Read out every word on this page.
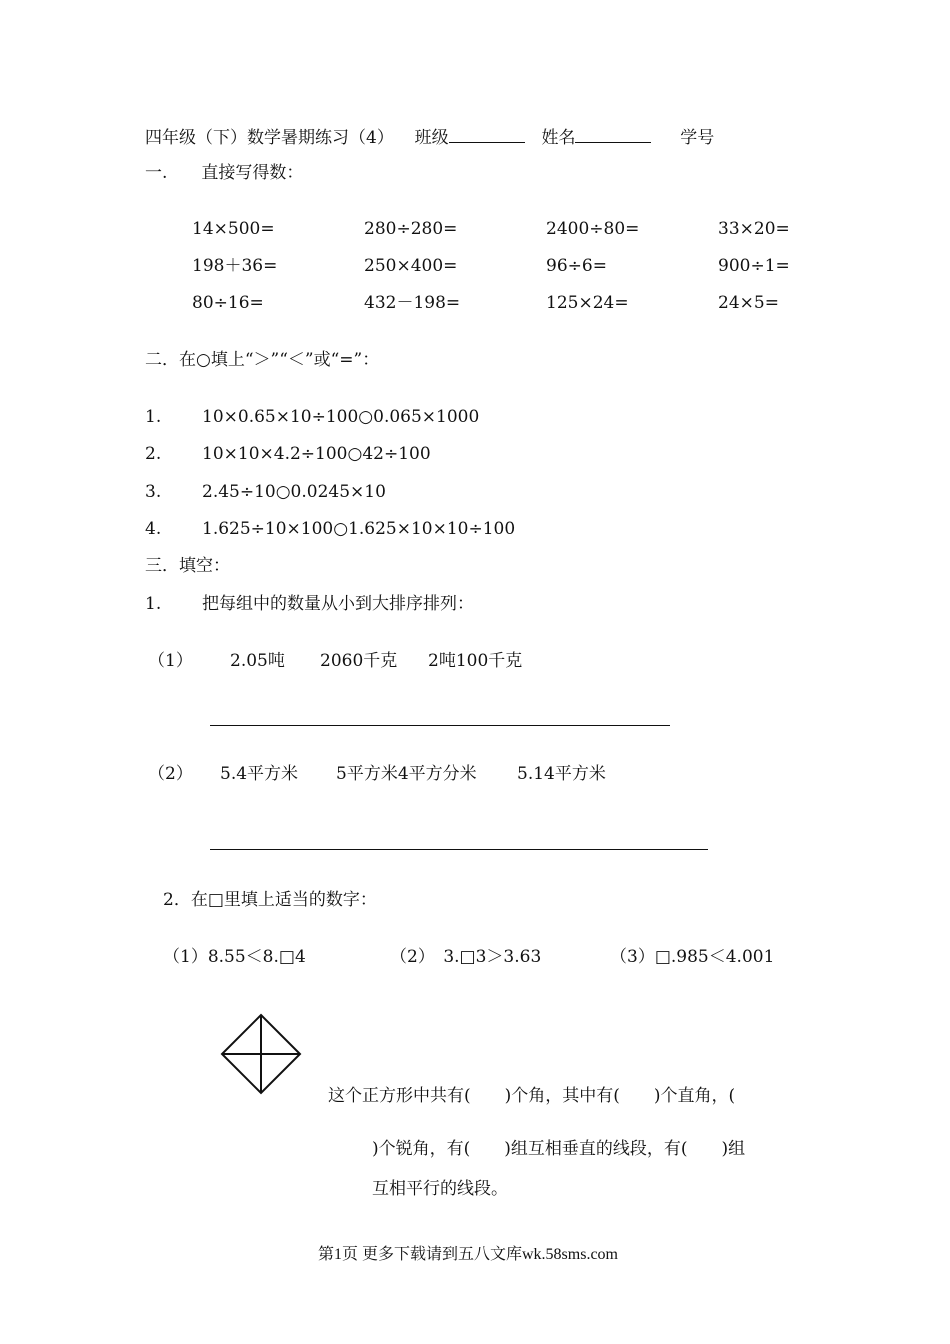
四年级（下）数学暑期练习（4） 班级	姓名	学号
一.　　直接写得数：
14×500=	280÷280=	2400÷80=	33×20=
198＋36=	250×400=	96÷6=	900÷1=
80÷16=	432－198=	125×24=	24×5=
二．在○填上“＞”“＜”或“=”：
1. 10×0.65×10÷100○0.065×1000
2. 10×10×4.2÷100○42÷100
3. 2.45÷10○0.0245×10
4. 1.625÷10×100○1.625×10×10÷100
三．填空：
1. 把每组中的数量从小到大排序排列：
（1） 2.05吨 2060千克 2吨100千克
（2） 5.4平方米 5平方米4平方分米 5.14平方米
2．在□里填上适当的数字：
（1）8.55＜8.□4	（2）　3.□3＞3.63	（3）□.985＜4.001
这个正方形中共有(　　)个角，其中有(　　)个直角，(
)个锐角，有(　　)组互相垂直的线段，有(　　)组
互相平行的线段。
第1页 更多下载请到五八文库wk.58sms.com
